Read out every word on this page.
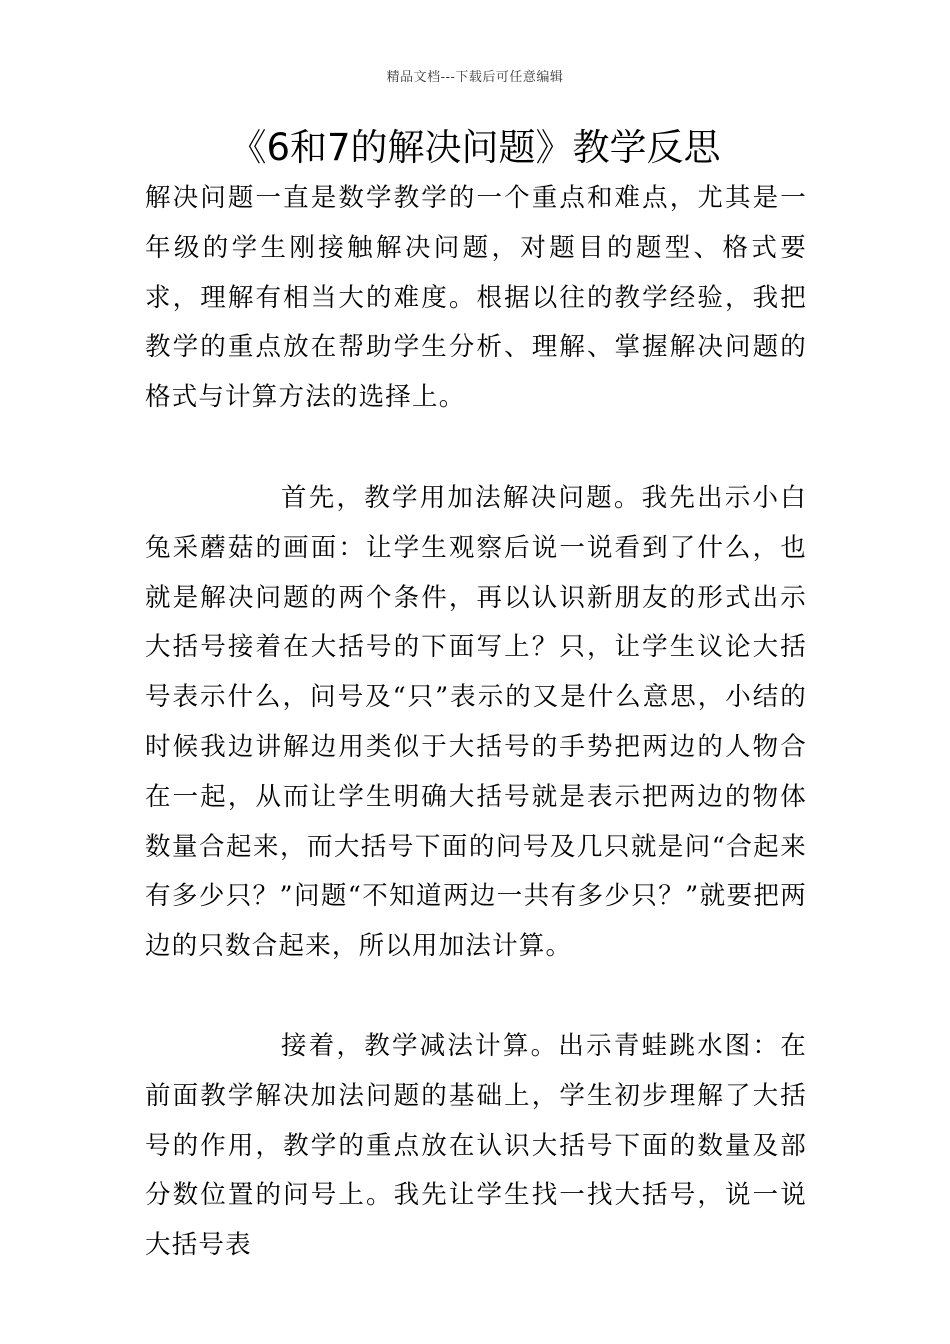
精品文档---下载后可任意编辑
《6和7的解决问题》教学反思

解决问题一直是数学教学的一个重点和难点，尤其是一年级的学生刚接触解决问题，对题目的题型、格式要求，理解有相当大的难度。根据以往的教学经验，我把教学的重点放在帮助学生分析、理解、掌握解决问题的格式与计算方法的选择上。

首先，教学用加法解决问题。我先出示小白兔采蘑菇的画面：让学生观察后说一说看到了什么，也就是解决问题的两个条件，再以认识新朋友的形式出示大括号接着在大括号的下面写上？只，让学生议论大括号表示什么，问号及“只”表示的又是什么意思，小结的时候我边讲解边用类似于大括号的手势把两边的人物合在一起，从而让学生明确大括号就是表示把两边的物体数量合起来，而大括号下面的问号及几只就是问“合起来有多少只？”问题“不知道两边一共有多少只？”就要把两边的只数合起来，所以用加法计算。

接着，教学减法计算。出示青蛙跳水图：在前面教学解决加法问题的基础上，学生初步理解了大括号的作用，教学的重点放在认识大括号下面的数量及部分数位置的问号上。我先让学生找一找大括号，说一说大括号表
